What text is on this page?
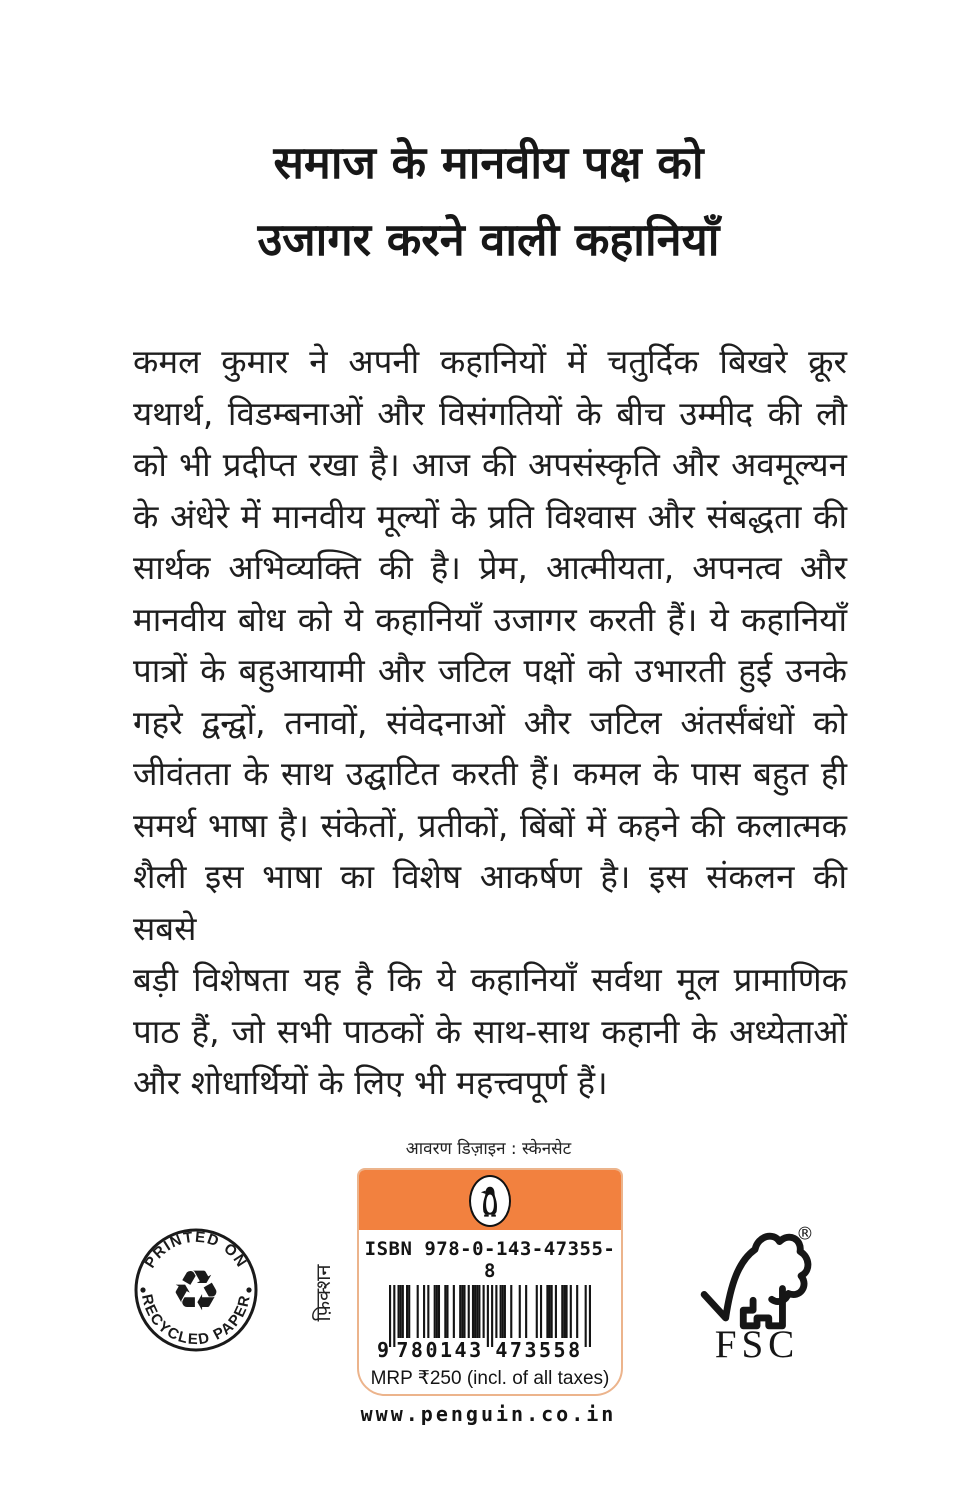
समाज के मानवीय पक्ष को
उजागर करने वाली कहानियाँ
कमल कुमार ने अपनी कहानियों में चतुर्दिक बिखरे क्रूर
यथार्थ, विडम्बनाओं और विसंगतियों के बीच उम्मीद की लौ
को भी प्रदीप्त रखा है। आज की अपसंस्कृति और अवमूल्यन
के अंधेरे में मानवीय मूल्यों के प्रति विश्वास और संबद्धता की
सार्थक अभिव्यक्ति की है। प्रेम, आत्मीयता, अपनत्व और
मानवीय बोध को ये कहानियाँ उजागर करती हैं। ये कहानियाँ
पात्रों के बहुआयामी और जटिल पक्षों को उभारती हुई उनके
गहरे द्वन्द्वों, तनावों, संवेदनाओं और जटिल अंतर्संबंधों को
जीवंतता के साथ उद्घाटित करती हैं। कमल के पास बहुत ही
समर्थ भाषा है। संकेतों, प्रतीकों, बिंबों में कहने की कलात्मक
शैली इस भाषा का विशेष आकर्षण है। इस संकलन की सबसे
बड़ी विशेषता यह है कि ये कहानियाँ सर्वथा मूल प्रामाणिक
पाठ हैं, जो सभी पाठकों के साथ-साथ कहानी के अध्येताओं
और शोधार्थियों के लिए भी महत्त्वपूर्ण हैं।
आवरण डिज़ाइन : स्केनसेट
PRINTED ON
RECYCLED PAPER
♻	फ़िक्शन
ISBN 978-0-143-47355-8
9 780143 473558
MRP ₹250 (incl. of all taxes)
®
FSC
www.penguin.co.in
